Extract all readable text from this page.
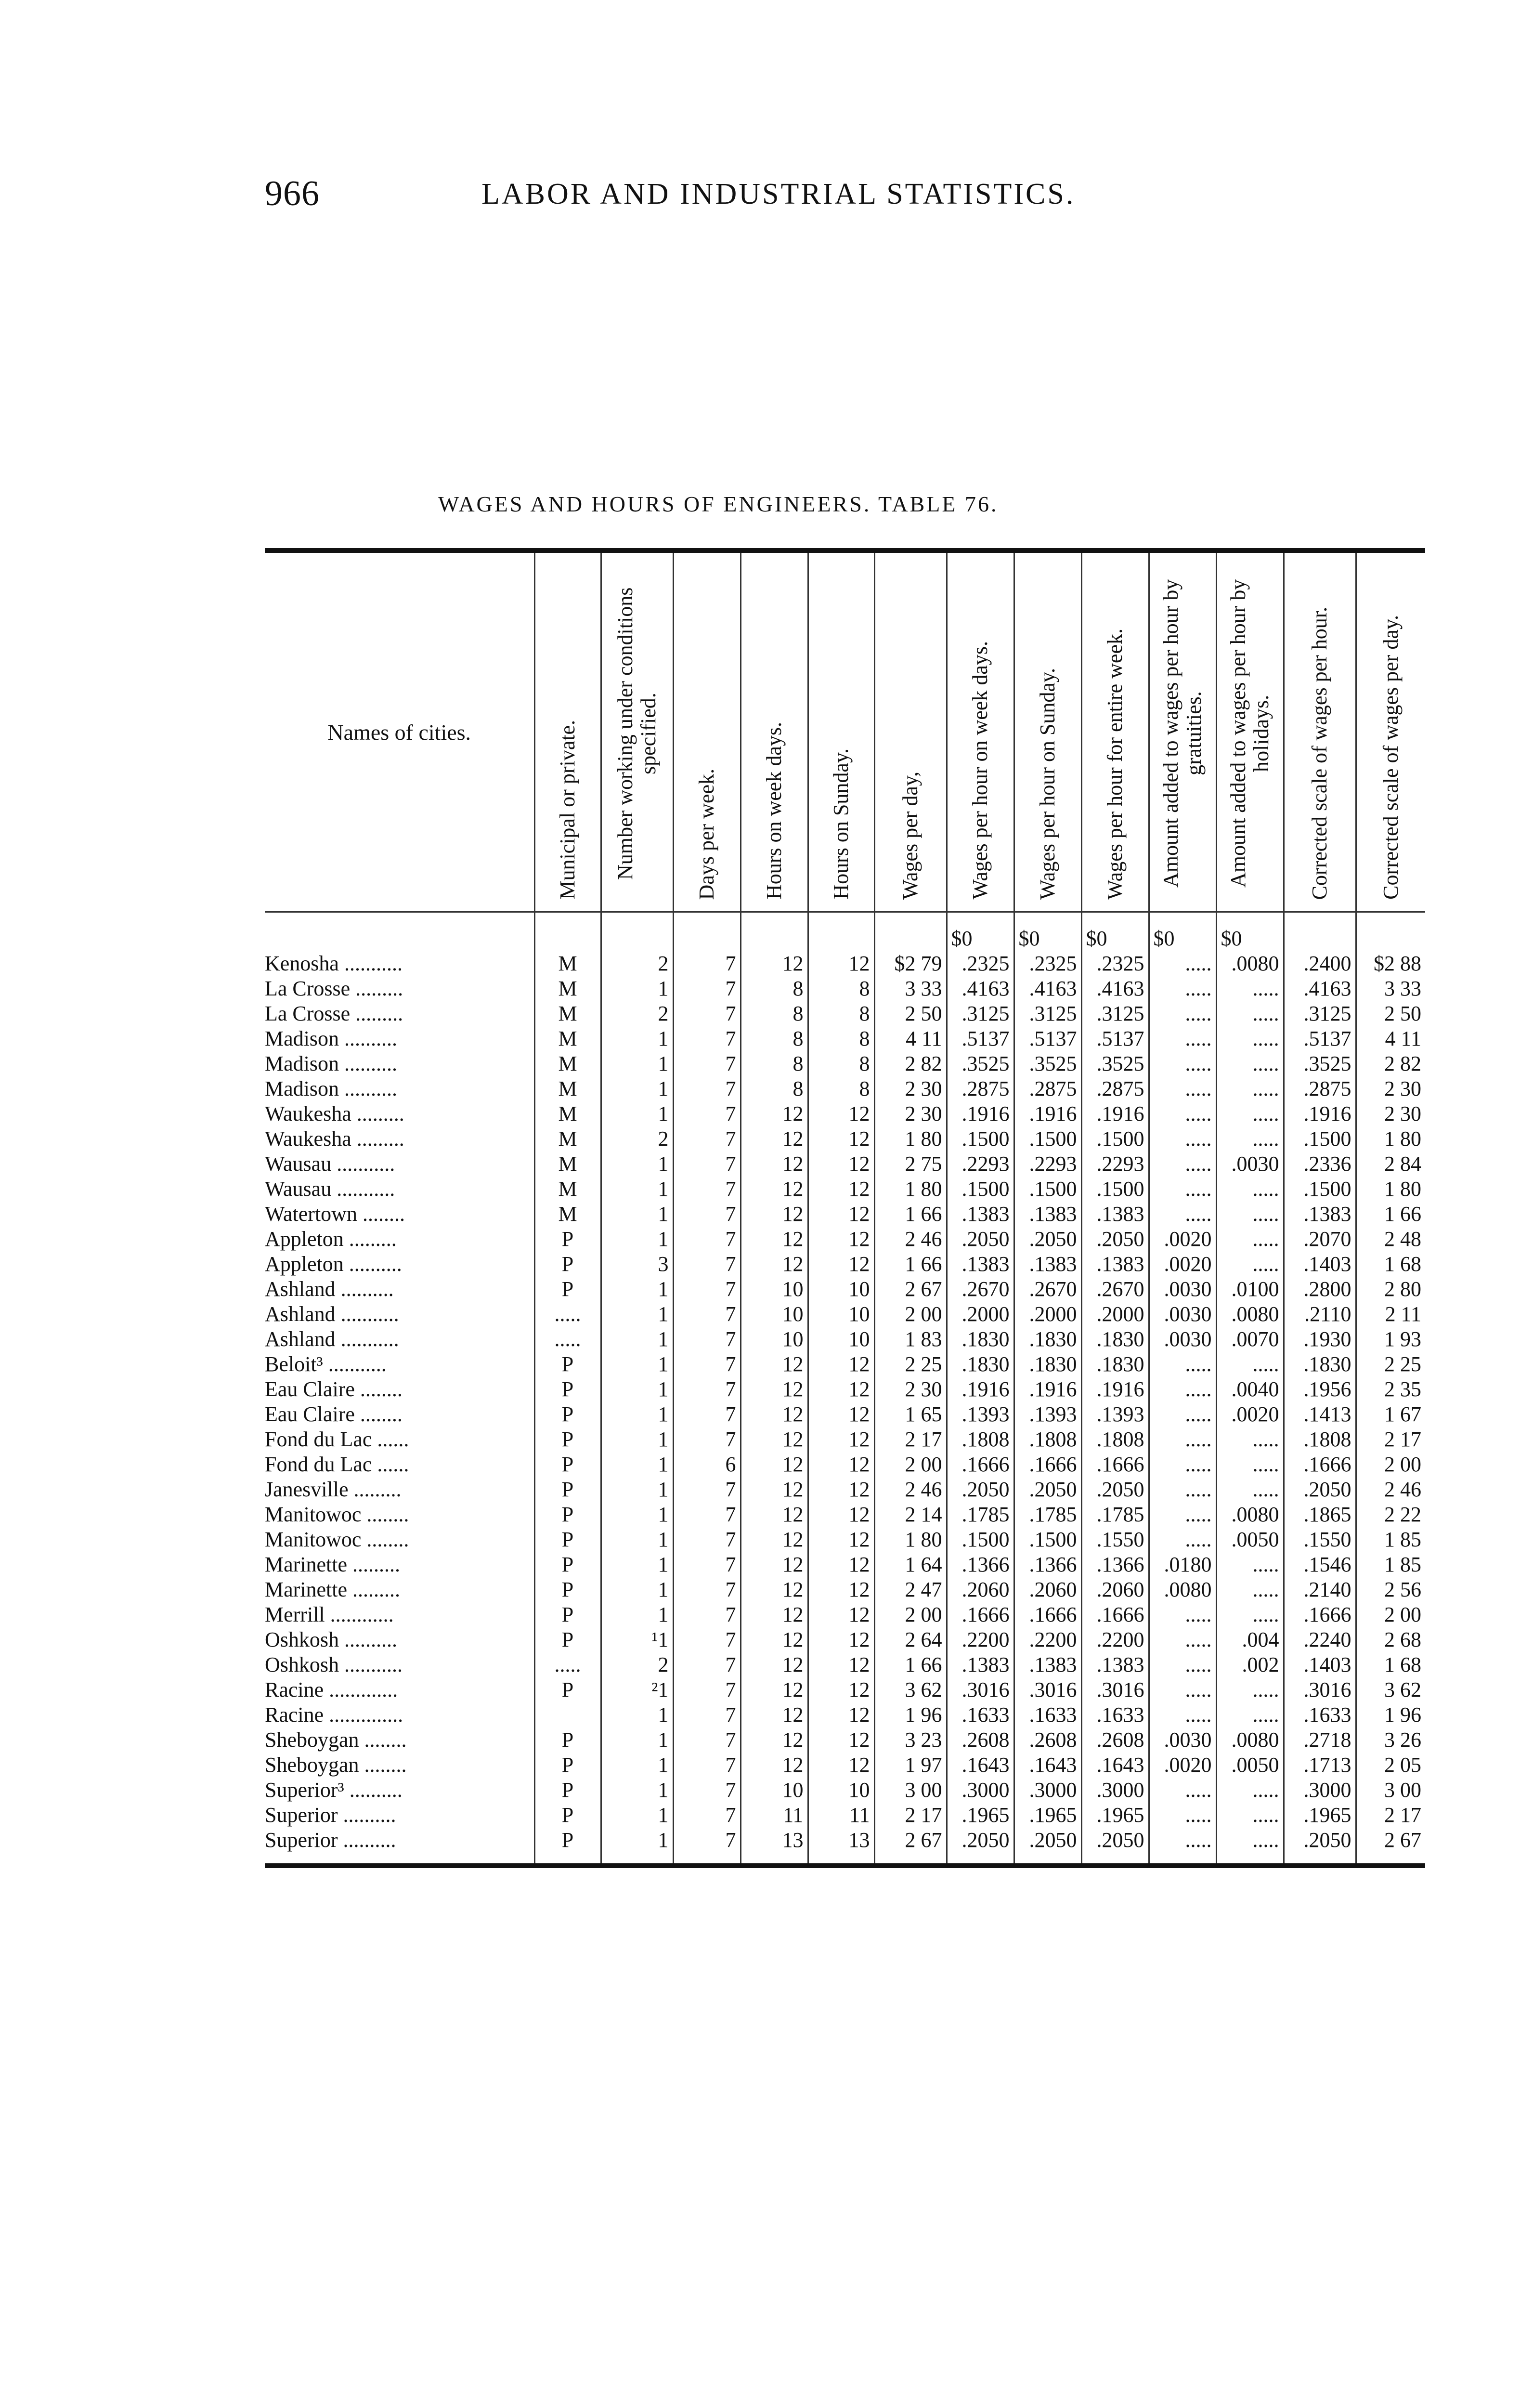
966	LABOR AND INDUSTRIAL STATISTICS.
WAGES AND HOURS OF ENGINEERS. TABLE 76.
Names of cities.	Municipal or private.	Number working under conditions specified.	Days per week.	Hours on week days.	Hours on Sunday.	Wages per day,	Wages per hour on week days.	Wages per hour on Sunday.	Wages per hour for entire week.	Amount added to wages per hour by gratuities.	Amount added to wages per hour by holidays.	Corrected scale of wages per hour.	Corrected scale of wages per day.

							$0	$0	$0	$0	$0		
Kenosha ...........	M	2	7	12	12	$2 79	.2325	.2325	.2325	.....	.0080	.2400	$2 88
La Crosse .........	M	1	7	8	8	3 33	.4163	.4163	.4163	.....	.....	.4163	3 33
La Crosse .........	M	2	7	8	8	2 50	.3125	.3125	.3125	.....	.....	.3125	2 50
Madison ..........	M	1	7	8	8	4 11	.5137	.5137	.5137	.....	.....	.5137	4 11
Madison ..........	M	1	7	8	8	2 82	.3525	.3525	.3525	.....	.....	.3525	2 82
Madison ..........	M	1	7	8	8	2 30	.2875	.2875	.2875	.....	.....	.2875	2 30
Waukesha .........	M	1	7	12	12	2 30	.1916	.1916	.1916	.....	.....	.1916	2 30
Waukesha .........	M	2	7	12	12	1 80	.1500	.1500	.1500	.....	.....	.1500	1 80
Wausau ...........	M	1	7	12	12	2 75	.2293	.2293	.2293	.....	.0030	.2336	2 84
Wausau ...........	M	1	7	12	12	1 80	.1500	.1500	.1500	.....	.....	.1500	1 80
Watertown ........	M	1	7	12	12	1 66	.1383	.1383	.1383	.....	.....	.1383	1 66
Appleton .........	P	1	7	12	12	2 46	.2050	.2050	.2050	.0020	.....	.2070	2 48
Appleton ..........	P	3	7	12	12	1 66	.1383	.1383	.1383	.0020	.....	.1403	1 68
Ashland ..........	P	1	7	10	10	2 67	.2670	.2670	.2670	.0030	.0100	.2800	2 80
Ashland ...........	.....	1	7	10	10	2 00	.2000	.2000	.2000	.0030	.0080	.2110	2 11
Ashland ...........	.....	1	7	10	10	1 83	.1830	.1830	.1830	.0030	.0070	.1930	1 93
Beloit³ ...........	P	1	7	12	12	2 25	.1830	.1830	.1830	.....	.....	.1830	2 25
Eau Claire ........	P	1	7	12	12	2 30	.1916	.1916	.1916	.....	.0040	.1956	2 35
Eau Claire ........	P	1	7	12	12	1 65	.1393	.1393	.1393	.....	.0020	.1413	1 67
Fond du Lac ......	P	1	7	12	12	2 17	.1808	.1808	.1808	.....	.....	.1808	2 17
Fond du Lac ......	P	1	6	12	12	2 00	.1666	.1666	.1666	.....	.....	.1666	2 00
Janesville .........	P	1	7	12	12	2 46	.2050	.2050	.2050	.....	.....	.2050	2 46
Manitowoc ........	P	1	7	12	12	2 14	.1785	.1785	.1785	.....	.0080	.1865	2 22
Manitowoc ........	P	1	7	12	12	1 80	.1500	.1500	.1550	.....	.0050	.1550	1 85
Marinette .........	P	1	7	12	12	1 64	.1366	.1366	.1366	.0180	.....	.1546	1 85
Marinette .........	P	1	7	12	12	2 47	.2060	.2060	.2060	.0080	.....	.2140	2 56
Merrill ............	P	1	7	12	12	2 00	.1666	.1666	.1666	.....	.....	.1666	2 00
Oshkosh ..........	P	¹1	7	12	12	2 64	.2200	.2200	.2200	.....	.004	.2240	2 68
Oshkosh ...........	.....	2	7	12	12	1 66	.1383	.1383	.1383	.....	.002	.1403	1 68
Racine .............	P	²1	7	12	12	3 62	.3016	.3016	.3016	.....	.....	.3016	3 62
Racine ..............		1	7	12	12	1 96	.1633	.1633	.1633	.....	.....	.1633	1 96
Sheboygan ........	P	1	7	12	12	3 23	.2608	.2608	.2608	.0030	.0080	.2718	3 26
Sheboygan ........	P	1	7	12	12	1 97	.1643	.1643	.1643	.0020	.0050	.1713	2 05
Superior³ ..........	P	1	7	10	10	3 00	.3000	.3000	.3000	.....	.....	.3000	3 00
Superior ..........	P	1	7	11	11	2 17	.1965	.1965	.1965	.....	.....	.1965	2 17
Superior ..........	P	1	7	13	13	2 67	.2050	.2050	.2050	.....	.....	.2050	2 67
